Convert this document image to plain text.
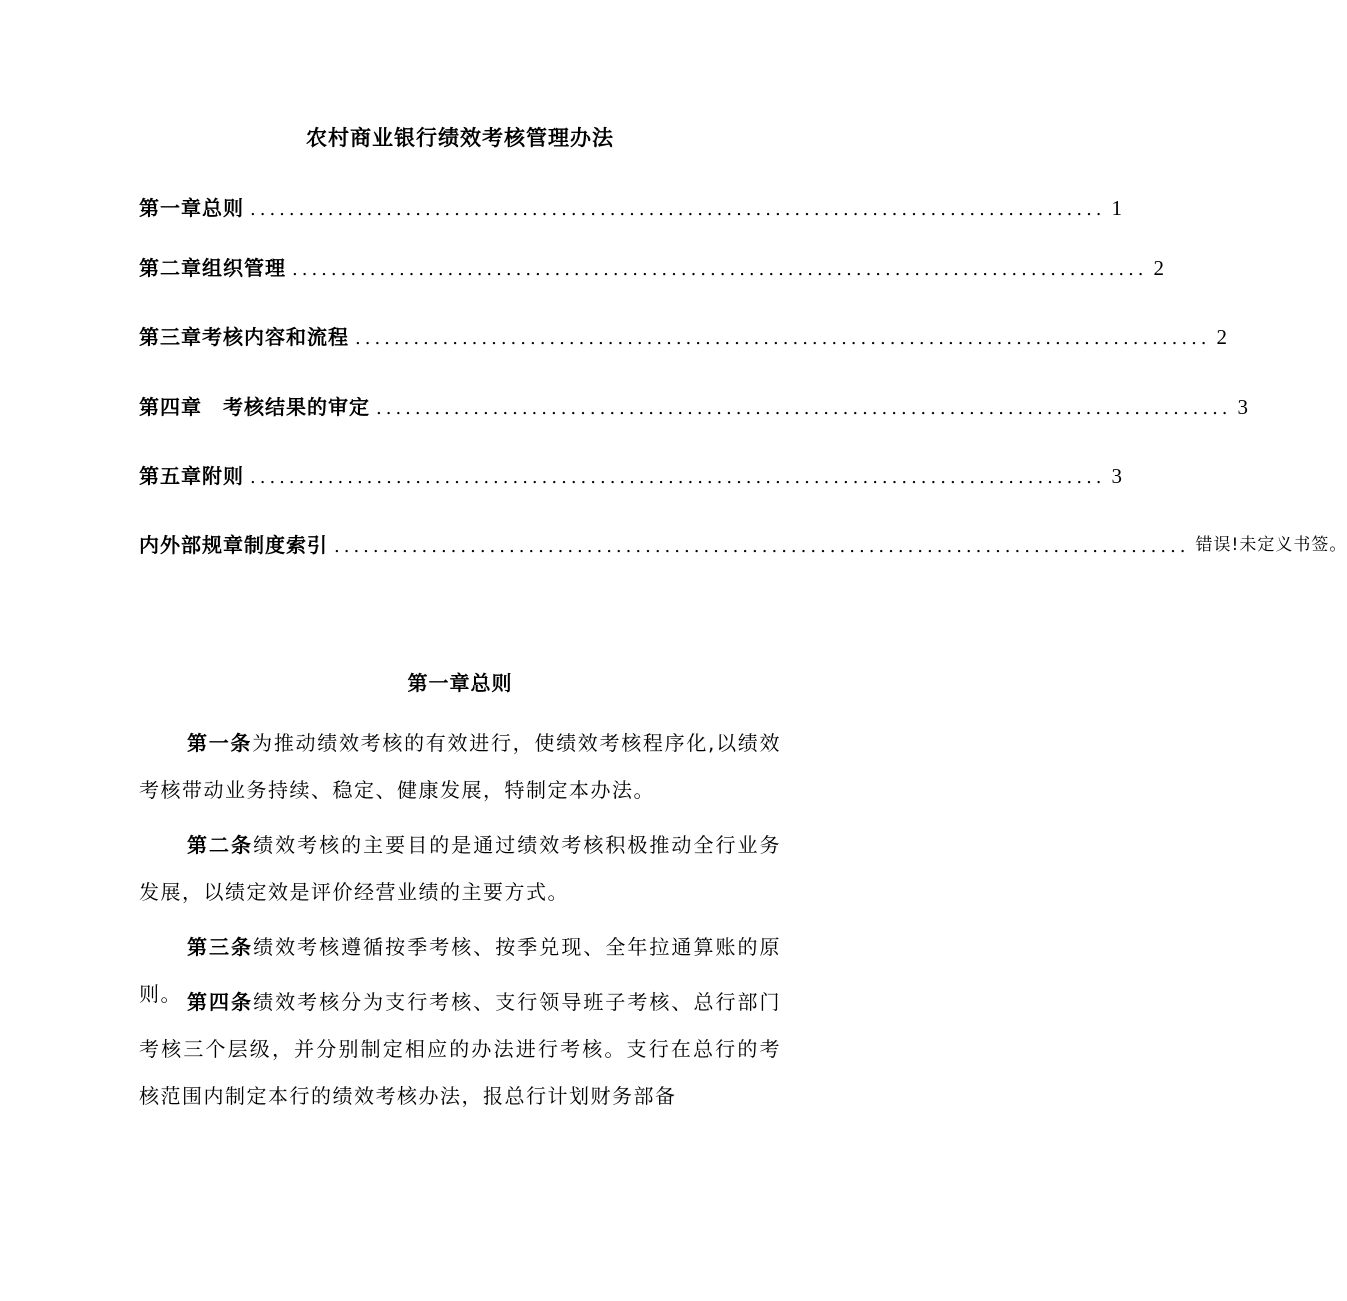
农村商业银行绩效考核管理办法
第一章总则 ........................................................................................ 1
第二章组织管理 ........................................................................................ 2
第三章考核内容和流程 ........................................................................................ 2
第四章　考核结果的审定 ........................................................................................ 3
第五章附则 ........................................................................................ 3
内外部规章制度索引 ........................................................................................ 错误!未定义书签。
第一章总则

第一条为推动绩效考核的有效进行，使绩效考核程序化,以绩效考核带动业务持续、稳定、健康发展，特制定本办法。

第二条绩效考核的主要目的是通过绩效考核积极推动全行业务发展，以绩定效是评价经营业绩的主要方式。

第三条绩效考核遵循按季考核、按季兑现、全年拉通算账的原则。 第四条绩效考核分为支行考核、支行领导班子考核、总行部门考核三个层级，并分别制定相应的办法进行考核。支行在总行的考核范围内制定本行的绩效考核办法，报总行计划财务部备
